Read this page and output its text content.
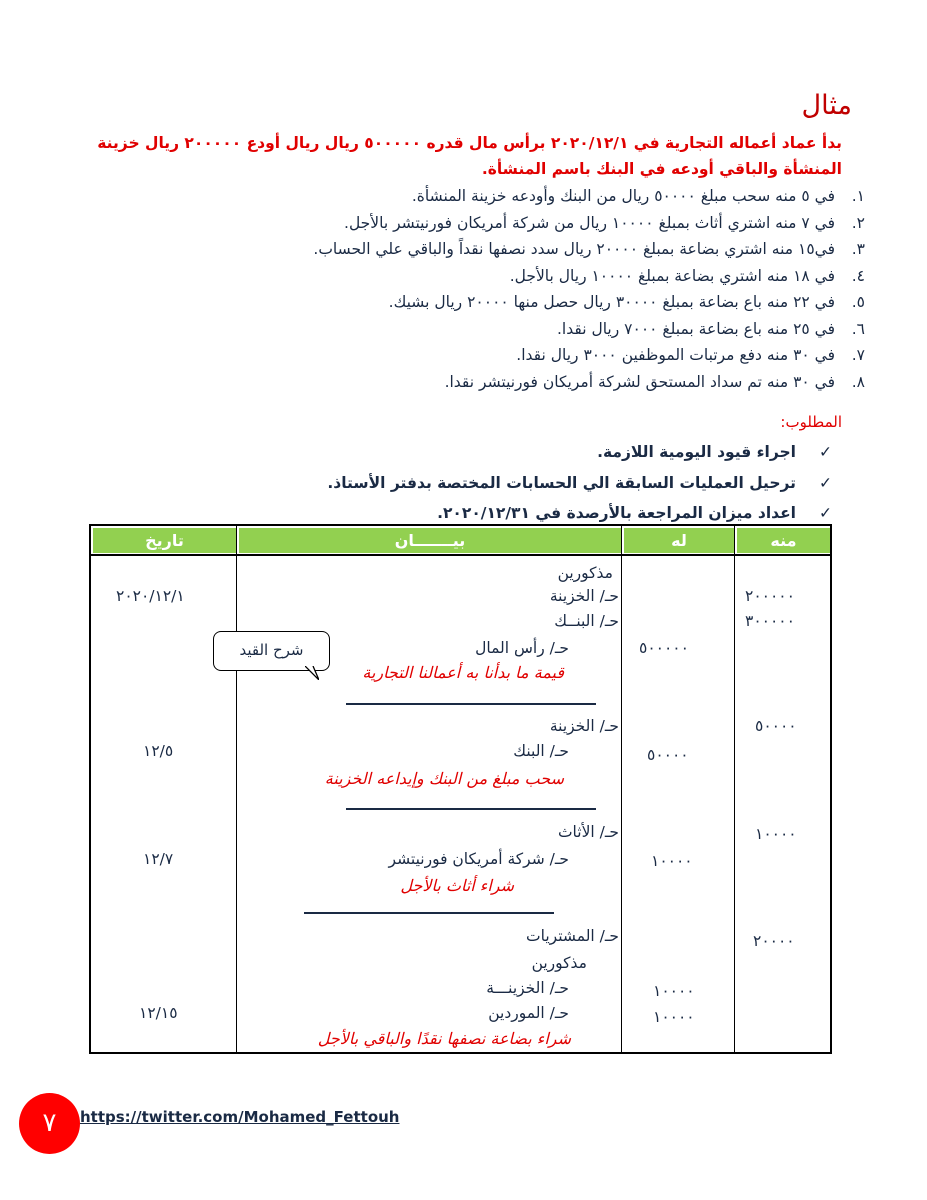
مثال
بدأ عماد أعماله التجارية في ٢٠٢٠/١٢/١ برأس مال قدره ٥٠٠٠٠٠ ريال ريال أودع ٢٠٠٠٠٠ ريال خزينة المنشأة والباقي أودعه في البنك باسم المنشأة.
١.في ٥ منه سحب مبلغ ٥٠٠٠٠ ريال من البنك وأودعه خزينة المنشأة.
٢.في ٧ منه اشتري أثاث بمبلغ ١٠٠٠٠ ريال من شركة أمريكان فورنيتشر بالأجل.
٣.في١٥ منه اشتري بضاعة بمبلغ ٢٠٠٠٠ ريال سدد نصفها نقداً والباقي علي الحساب.
٤.في ١٨ منه اشتري بضاعة بمبلغ ١٠٠٠٠ ريال بالأجل.
٥.في ٢٢ منه باع بضاعة بمبلغ ٣٠٠٠٠ ريال حصل منها ٢٠٠٠٠ ريال بشيك.
٦.في ٢٥ منه باع بضاعة بمبلغ ٧٠٠٠ ريال نقدا.
٧.في ٣٠ منه دفع مرتبات الموظفين ٣٠٠٠ ريال نقدا.
٨.في ٣٠ منه تم سداد المستحق لشركة أمريكان فورنيتشر نقدا.
المطلوب:
✓اجراء قيود اليومية اللازمة.
✓ترحيل العمليات السابقة الي الحسابات المختصة بدفتر الأستاذ.
✓اعداد ميزان المراجعة بالأرصدة في ٢٠٢٠/١٢/٣١.
منه
له
بيـــــــان
تاريخ
مذكورين
حـ/ الخزينة
حـ/ البنــك
حـ/ رأس المال
قيمة ما بدأنا به أعمالنا التجارية
٢٠٠٠٠٠
٣٠٠٠٠٠
٥٠٠٠٠٠
٢٠٢٠/١٢/١
حـ/ الخزينة
حـ/ البنك
سحب مبلغ من البنك وإيداعه الخزينة
٥٠٠٠٠
٥٠٠٠٠
١٢/٥
حـ/ الأثاث
حـ/ شركة أمريكان فورنيتشر
شراء أثاث بالأجل
١٠٠٠٠
١٠٠٠٠
١٢/٧
حـ/ المشتريات
مذكورين
حـ/ الخزينـــة
حـ/ الموردين
شراء بضاعة نصفها نقدًا والباقي بالأجل
٢٠٠٠٠
١٠٠٠٠
١٠٠٠٠
١٢/١٥
شرح القيد
٧	https://twitter.com/Mohamed_Fettouh
